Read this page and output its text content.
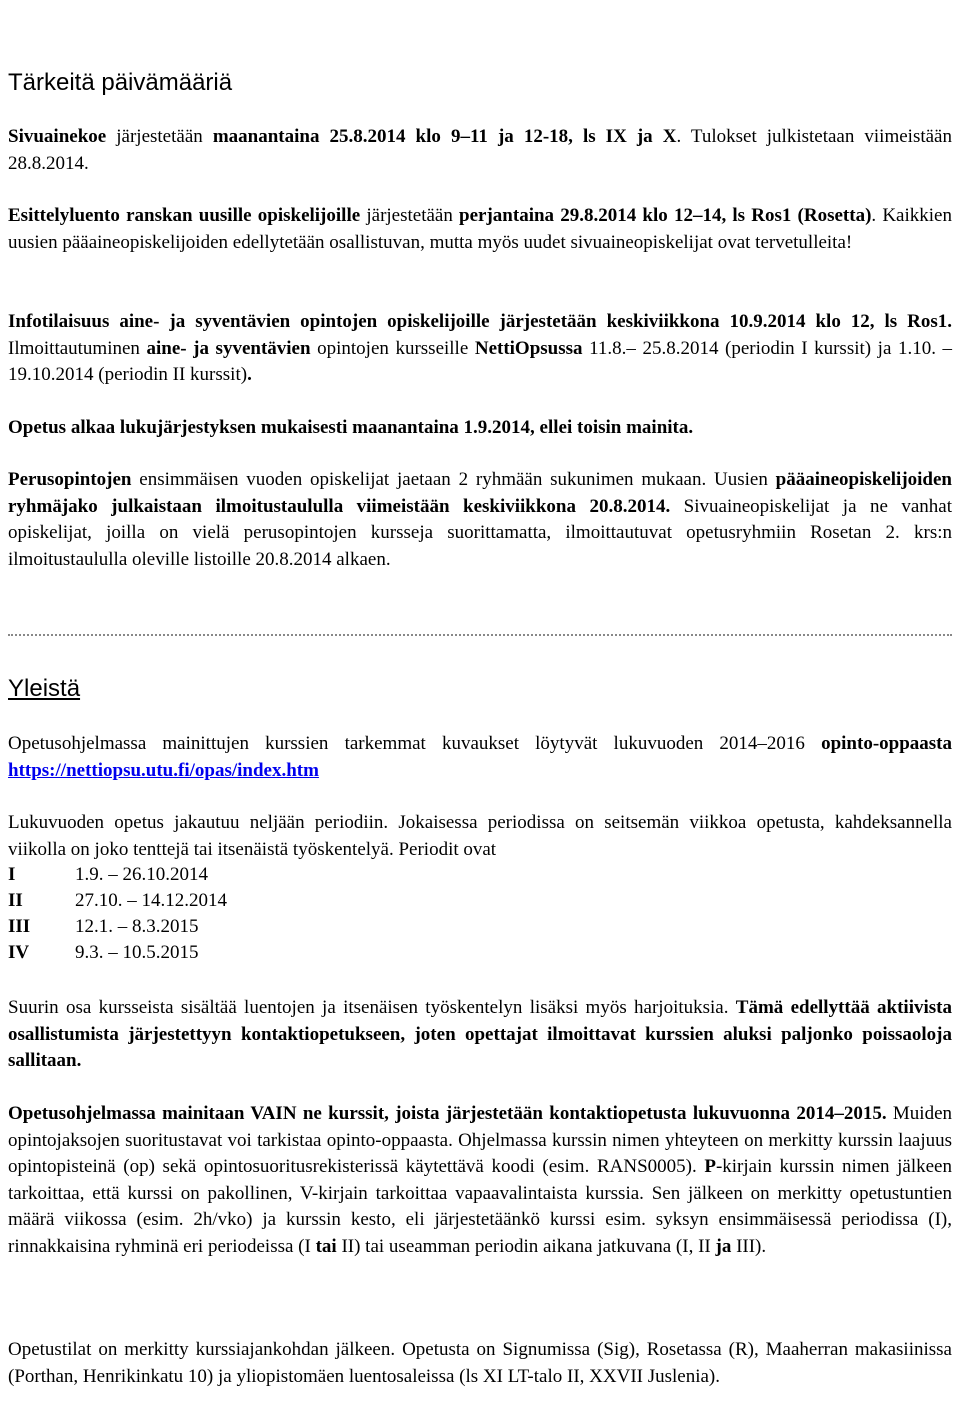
Tärkeitä päivämääriä

Sivuainekoe järjestetään maanantaina 25.8.2014 klo 9–11 ja 12-18, ls IX ja X. Tulokset julkistetaan viimeistään 28.8.2014.

Esittelyluento ranskan uusille opiskelijoille järjestetään perjantaina 29.8.2014 klo 12–14, ls Ros1 (Rosetta). Kaikkien uusien pääaineopiskelijoiden edellytetään osallistuvan, mutta myös uudet sivuaineopiskelijat ovat tervetulleita!

Infotilaisuus aine- ja syventävien opintojen opiskelijoille järjestetään keskiviikkona 10.9.2014 klo 12, ls Ros1. Ilmoittautuminen aine- ja syventävien opintojen kursseille NettiOpsussa 11.8.– 25.8.2014 (periodin I kurssit) ja 1.10. – 19.10.2014 (periodin II kurssit).

Opetus alkaa lukujärjestyksen mukaisesti maanantaina 1.9.2014, ellei toisin mainita.

Perusopintojen ensimmäisen vuoden opiskelijat jaetaan 2 ryhmään sukunimen mukaan. Uusien pääaineopiskelijoiden ryhmäjako julkaistaan ilmoitustaululla viimeistään keskiviikkona 20.8.2014. Sivuaineopiskelijat ja ne vanhat opiskelijat, joilla on vielä perusopintojen kursseja suorittamatta, ilmoittautuvat opetusryhmiin Rosetan 2. krs:n ilmoitustaululla oleville listoille 20.8.2014 alkaen.

Yleistä

Opetusohjelmassa mainittujen kurssien tarkemmat kuvaukset löytyvät lukuvuoden 2014–2016 opinto-oppaasta https://nettiopsu.utu.fi/opas/index.htm

Lukuvuoden opetus jakautuu neljään periodiin. Jokaisessa periodissa on seitsemän viikkoa opetusta, kahdeksannella viikolla on joko tenttejä tai itsenäistä työskentelyä. Periodit ovat

I	1.9. – 26.10.2014
II	27.10. – 14.12.2014
III 12.1. – 8.3.2015
IV 9.3. – 10.5.2015

Suurin osa kursseista sisältää luentojen ja itsenäisen työskentelyn lisäksi myös harjoituksia. Tämä edellyttää aktiivista osallistumista järjestettyyn kontaktiopetukseen, joten opettajat ilmoittavat kurssien aluksi paljonko poissaoloja sallitaan.

Opetusohjelmassa mainitaan VAIN ne kurssit, joista järjestetään kontaktiopetusta lukuvuonna 2014–2015. Muiden opintojaksojen suoritustavat voi tarkistaa opinto-oppaasta. Ohjelmassa kurssin nimen yhteyteen on merkitty kurssin laajuus opintopisteinä (op) sekä opintosuoritusrekisterissä käytettävä koodi (esim. RANS0005). P-kirjain kurssin nimen jälkeen tarkoittaa, että kurssi on pakollinen, V-kirjain tarkoittaa vapaavalintaista kurssia. Sen jälkeen on merkitty opetustuntien määrä viikossa (esim. 2h/vko) ja kurssin kesto, eli järjestetäänkö kurssi esim. syksyn ensimmäisessä periodissa (I), rinnakkaisina ryhminä eri periodeissa (I tai II) tai useamman periodin aikana jatkuvana (I, II ja III).

Opetustilat on merkitty kurssiajankohdan jälkeen. Opetusta on Signumissa (Sig), Rosetassa (R), Maaherran makasiinissa (Porthan, Henrikinkatu 10) ja yliopistomäen luentosaleissa (ls XI LT-talo II, XXVII Juslenia).
